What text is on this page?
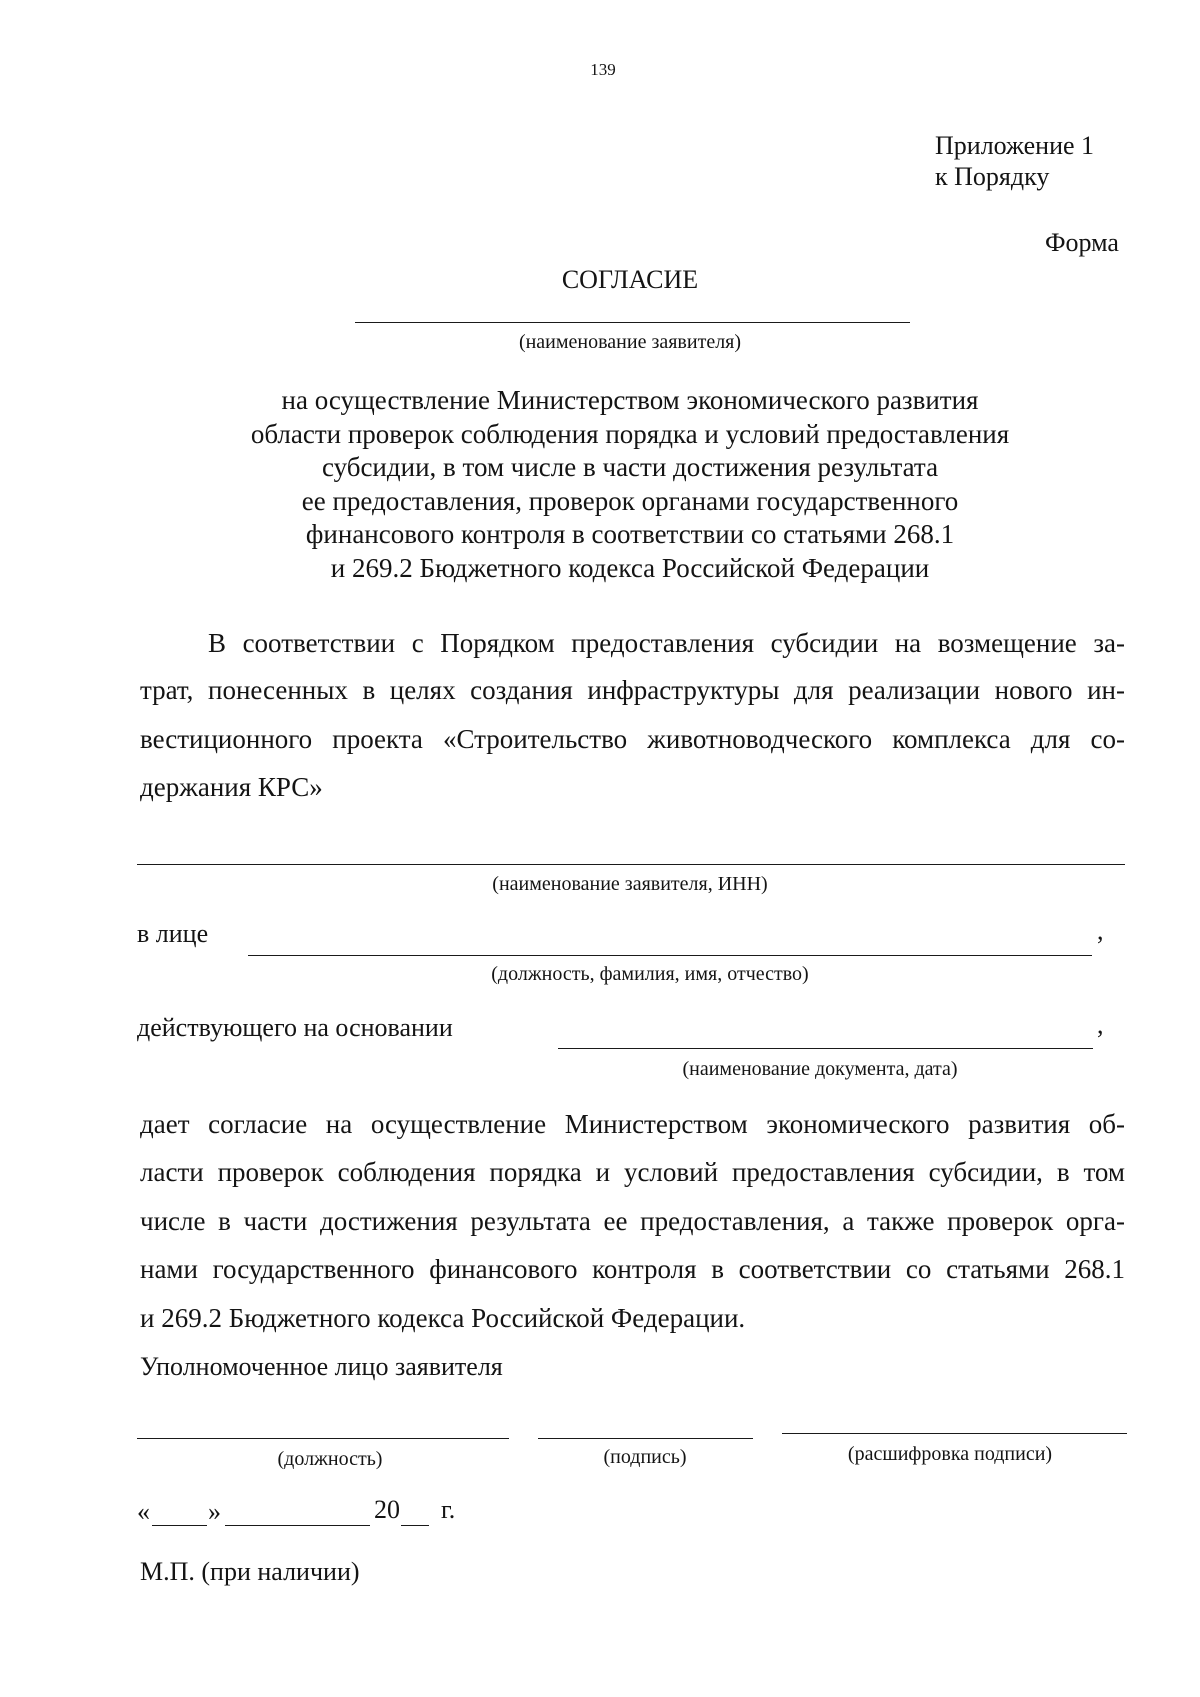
139
Приложение 1
к Порядку
Форма
СОГЛАСИЕ
(наименование заявителя)
на осуществление Министерством экономического развития
области проверок соблюдения порядка и условий предоставления
субсидии, в том числе в части достижения результата
ее предоставления, проверок органами государственного
финансового контроля в соответствии со статьями 268.1
и 269.2 Бюджетного кодекса Российской Федерации
В соответствии с Порядком предоставления субсидии на возмещение за-
трат, понесенных в целях создания инфраструктуры для реализации нового ин-
вестиционного проекта «Строительство животноводческого комплекса для со-
держания КРС»
(наименование заявителя, ИНН)
в лице	,
(должность, фамилия, имя, отчество)
действующего на основании	,
(наименование документа, дата)
дает согласие на осуществление Министерством экономического развития об-
ласти проверок соблюдения порядка и условий предоставления субсидии, в том
числе в части достижения результата ее предоставления, а также проверок орга-
нами государственного финансового контроля в соответствии со статьями 268.1
и 269.2 Бюджетного кодекса Российской Федерации.
Уполномоченное лицо заявителя
(должность)	(подпись)	(расшифровка подписи)
« »	20 г.
М.П. (при наличии)
